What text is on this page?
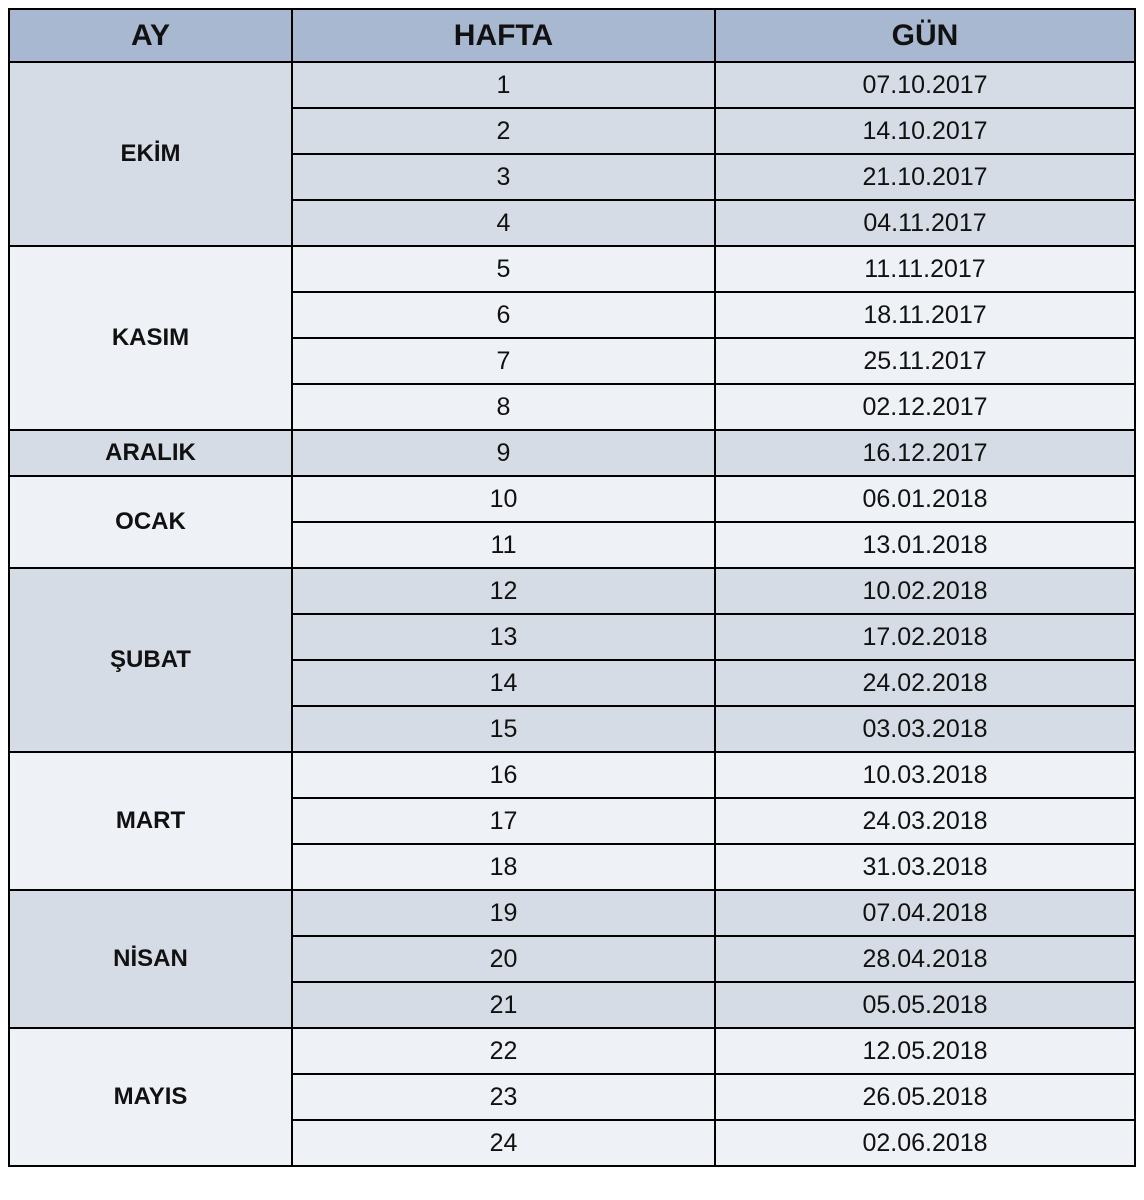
AY	HAFTA	GÜN
EKİM	1	07.10.2017
	2	14.10.2017
	3	21.10.2017
	4	04.11.2017
KASIM	5	11.11.2017
	6	18.11.2017
	7	25.11.2017
	8	02.12.2017
ARALIK	9	16.12.2017
OCAK	10	06.01.2018
	11	13.01.2018
ŞUBAT	12	10.02.2018
	13	17.02.2018
	14	24.02.2018
	15	03.03.2018
MART	16	10.03.2018
	17	24.03.2018
	18	31.03.2018
NİSAN	19	07.04.2018
	20	28.04.2018
	21	05.05.2018
MAYIS	22	12.05.2018
	23	26.05.2018
	24	02.06.2018
